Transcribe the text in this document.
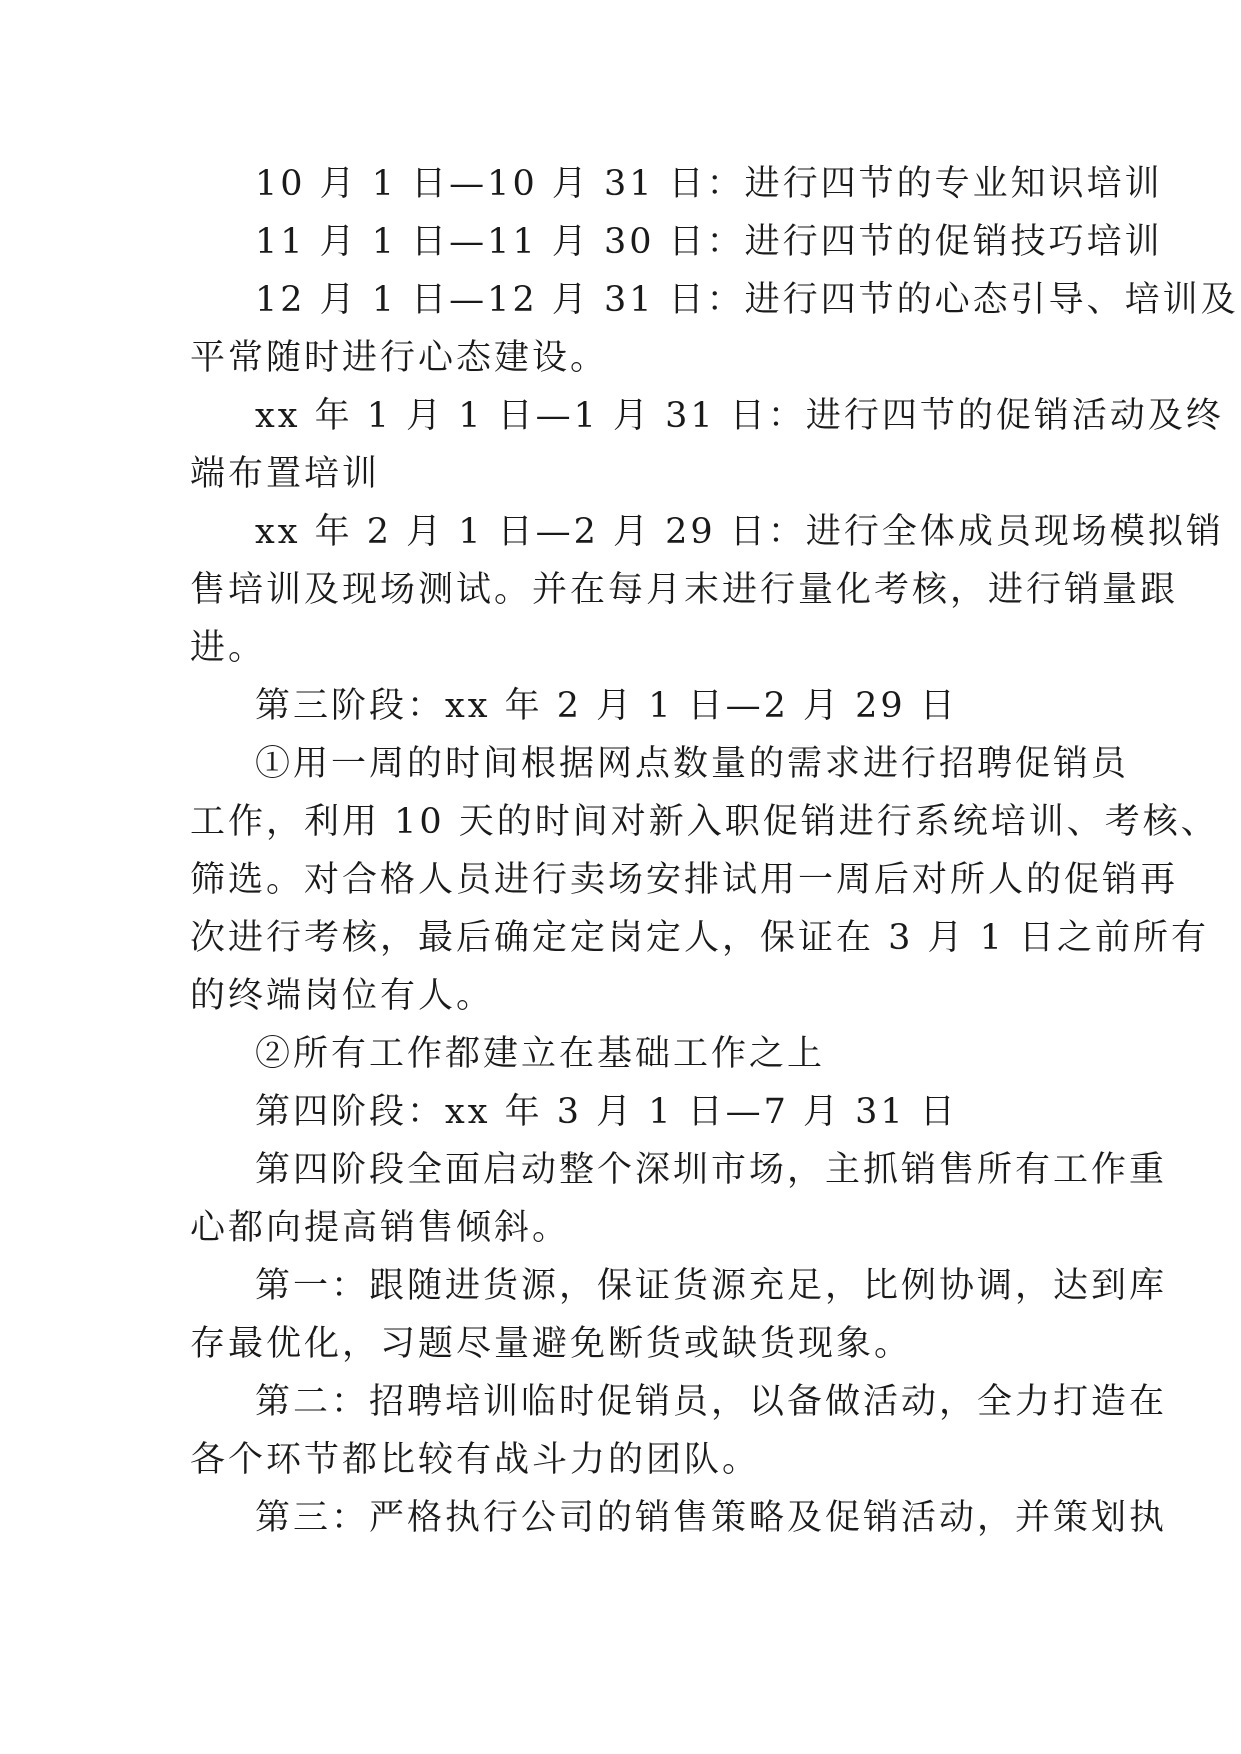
10 月 1 日—10 月 31 日：进行四节的专业知识培训
11 月 1 日—11 月 30 日：进行四节的促销技巧培训
12 月 1 日—12 月 31 日：进行四节的心态引导、培训及
平常随时进行心态建设。
xx 年 1 月 1 日—1 月 31 日：进行四节的促销活动及终
端布置培训
xx 年 2 月 1 日—2 月 29 日：进行全体成员现场模拟销
售培训及现场测试。并在每月末进行量化考核，进行销量跟
进。
第三阶段：xx 年 2 月 1 日—2 月 29 日
①用一周的时间根据网点数量的需求进行招聘促销员
工作，利用 10 天的时间对新入职促销进行系统培训、考核、
筛选。对合格人员进行卖场安排试用一周后对所人的促销再
次进行考核，最后确定定岗定人，保证在 3 月 1 日之前所有
的终端岗位有人。
②所有工作都建立在基础工作之上
第四阶段：xx 年 3 月 1 日—7 月 31 日
第四阶段全面启动整个深圳市场，主抓销售所有工作重
心都向提高销售倾斜。
第一：跟随进货源，保证货源充足，比例协调，达到库
存最优化，习题尽量避免断货或缺货现象。
第二：招聘培训临时促销员，以备做活动，全力打造在
各个环节都比较有战斗力的团队。
第三：严格执行公司的销售策略及促销活动，并策划执
